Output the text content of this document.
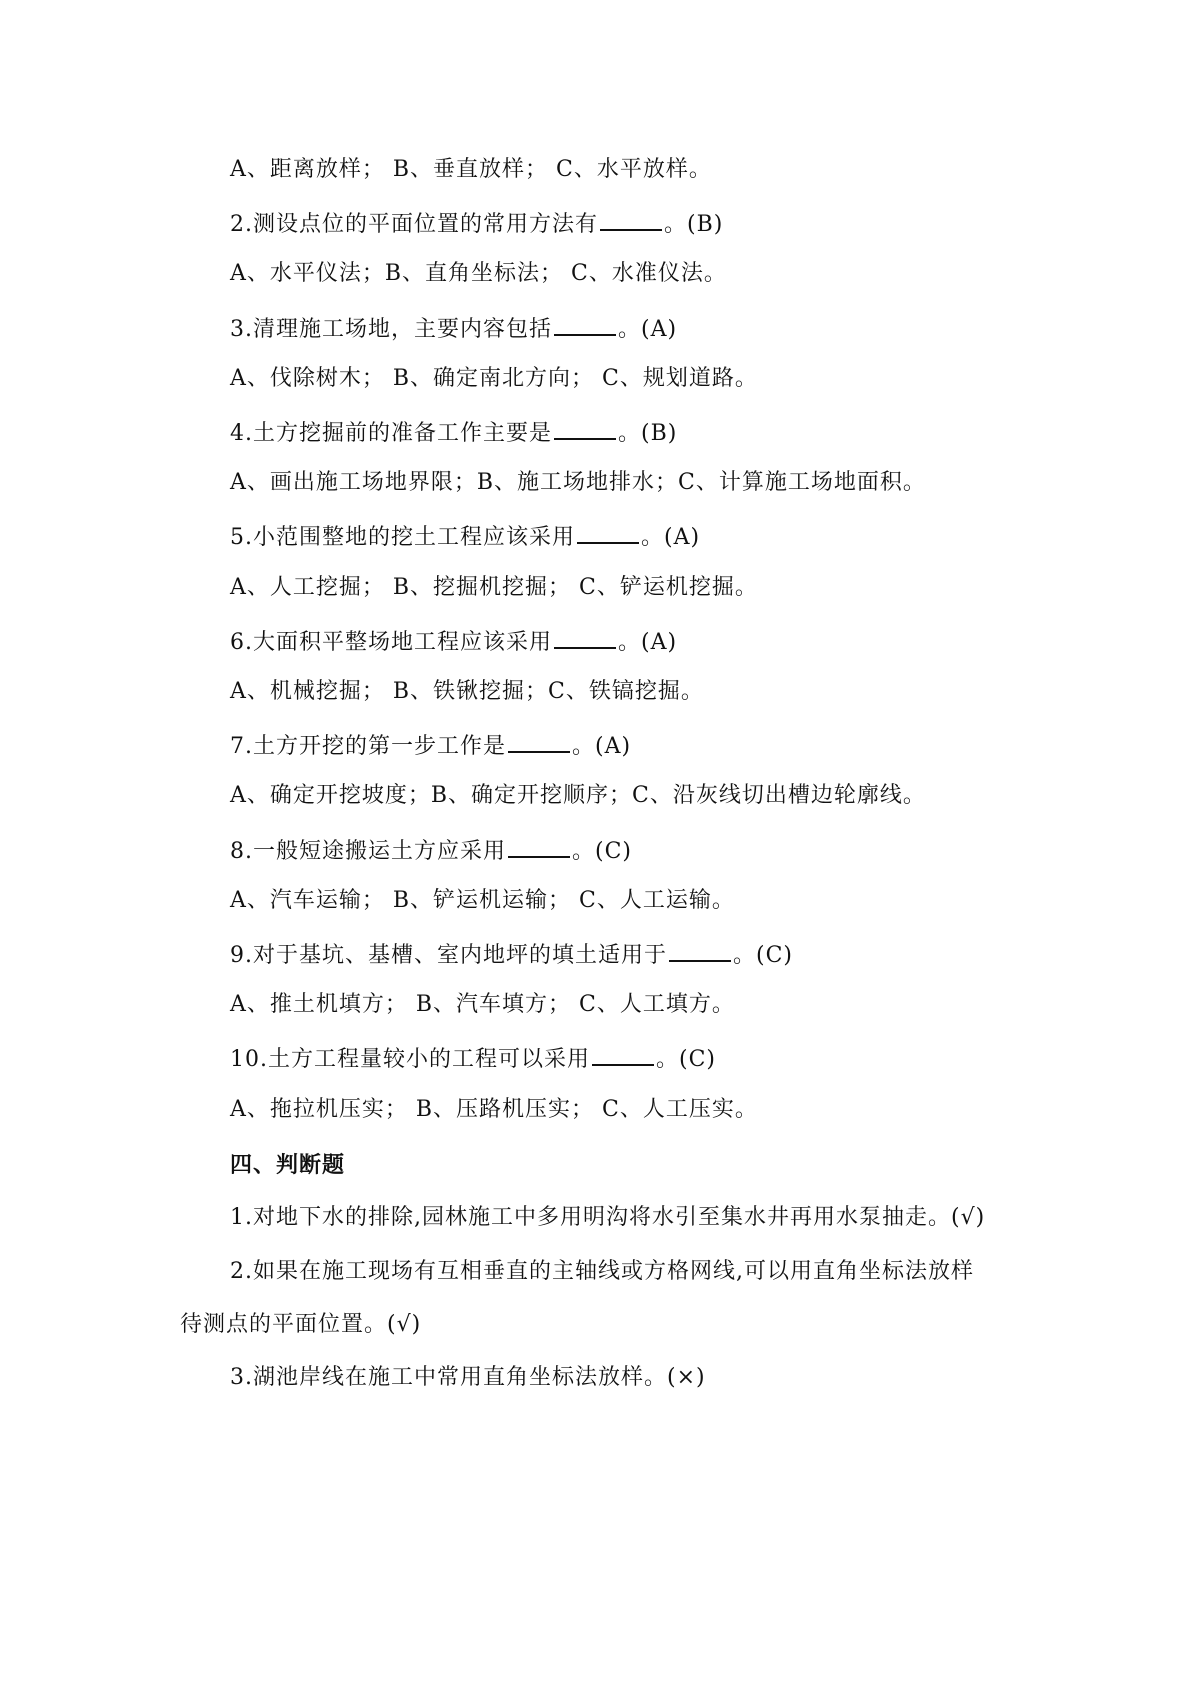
A、距离放样； B、垂直放样； C、水平放样。
2.测设点位的平面位置的常用方法有	。(B)
A、水平仪法；B、直角坐标法； C、水准仪法。
3.清理施工场地，主要内容包括	。(A)
A、伐除树木； B、确定南北方向； C、规划道路。
4.土方挖掘前的准备工作主要是	。(B)
A、画出施工场地界限；B、施工场地排水；C、计算施工场地面积。
5.小范围整地的挖土工程应该采用	。(A)
A、人工挖掘； B、挖掘机挖掘； C、铲运机挖掘。
6.大面积平整场地工程应该采用	。(A)
A、机械挖掘； B、铁锹挖掘；C、铁镐挖掘。
7.土方开挖的第一步工作是	。(A)
A、确定开挖坡度；B、确定开挖顺序；C、沿灰线切出槽边轮廓线。
8.一般短途搬运土方应采用	。(C)
A、汽车运输； B、铲运机运输； C、人工运输。
9.对于基坑、基槽、室内地坪的填土适用于	。(C)
A、推土机填方； B、汽车填方； C、人工填方。
10.土方工程量较小的工程可以采用	。(C)
A、拖拉机压实； B、压路机压实； C、人工压实。
四、判断题
1.对地下水的排除,园林施工中多用明沟将水引至集水井再用水泵抽走。(√)
2.如果在施工现场有互相垂直的主轴线或方格网线,可以用直角坐标法放样
待测点的平面位置。(√)
3.湖池岸线在施工中常用直角坐标法放样。(×)
